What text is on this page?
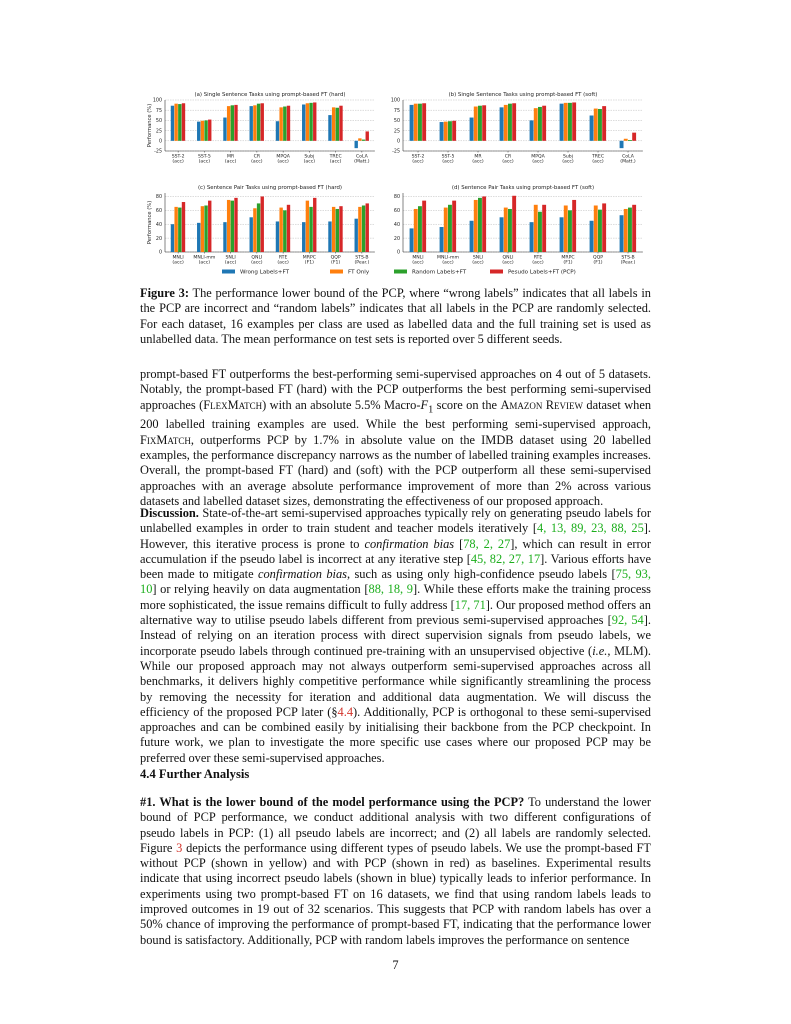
(a) Single Sentence Tasks using prompt-based FT (hard)
-25
0
25
50
75
100
Performance (%)
SST-2
(acc)
SST-5
(acc)
MR
(acc)
CR
(acc)
MPQA
(acc)
Subj
(acc)
TREC
(acc)
CoLA
(Matt.)
(b) Single Sentence Tasks using prompt-based FT (soft)
-25
0
25
50
75
100
SST-2
(acc)
SST-5
(acc)
MR
(acc)
CR
(acc)
MPQA
(acc)
Subj
(acc)
TREC
(acc)
CoLA
(Matt.)
(c) Sentence Pair Tasks using prompt-based FT (hard)
0
20
40
60
80
Performance (%)
MNLI
(acc)
MNLI-mm
(acc)
SNLI
(acc)
QNLI
(acc)
RTE
(acc)
MRPC
(F1)
QQP
(F1)
STS-B
(Pear.)
(d) Sentence Pair Tasks using prompt-based FT (soft)
0
20
40
60
80
MNLI
(acc)
MNLI-mm
(acc)
SNLI
(acc)
QNLI
(acc)
RTE
(acc)
MRPC
(F1)
QQP
(F1)
STS-B
(Pear.)
Wrong Labels+FT	FT Only	Random Labels+FT	Pesudo Labels+FT (PCP)
Figure 3: The performance lower bound of the PCP, where “wrong labels” indicates that all labels in the PCP are incorrect and “random labels” indicates that all labels in the PCP are randomly selected. For each dataset, 16 examples per class are used as labelled data and the full training set is used as unlabelled data. The mean performance on test sets is reported over 5 different seeds.
prompt-based FT outperforms the best-performing semi-supervised approaches on 4 out of 5 datasets. Notably, the prompt-based FT (hard) with the PCP outperforms the best performing semi-supervised approaches (FlexMatch) with an absolute 5.5% Macro-$F_1$ score on the Amazon Review dataset when 200 labelled training examples are used. While the best performing semi-supervised approach, FixMatch, outperforms PCP by 1.7% in absolute value on the IMDB dataset using 20 labelled examples, the performance discrepancy narrows as the number of labelled training examples increases. Overall, the prompt-based FT (hard) and (soft) with the PCP outperform all these semi-supervised approaches with an average absolute performance improvement of more than 2% across various datasets and labelled dataset sizes, demonstrating the effectiveness of our proposed approach.
Discussion. State-of-the-art semi-supervised approaches typically rely on generating pseudo labels for unlabelled examples in order to train student and teacher models iteratively [4, 13, 89, 23, 88, 25]. However, this iterative process is prone to confirmation bias [78, 2, 27], which can result in error accumulation if the pseudo label is incorrect at any iterative step [45, 82, 27, 17]. Various efforts have been made to mitigate confirmation bias, such as using only high-confidence pseudo labels [75, 93, 10] or relying heavily on data augmentation [88, 18, 9]. While these efforts make the training process more sophisticated, the issue remains difficult to fully address [17, 71]. Our proposed method offers an alternative way to utilise pseudo labels different from previous semi-supervised approaches [92, 54]. Instead of relying on an iteration process with direct supervision signals from pseudo labels, we incorporate pseudo labels through continued pre-training with an unsupervised objective (i.e., MLM). While our proposed approach may not always outperform semi-supervised approaches across all benchmarks, it delivers highly competitive performance while significantly streamlining the process by removing the necessity for iteration and additional data augmentation. We will discuss the efficiency of the proposed PCP later (§4.4). Additionally, PCP is orthogonal to these semi-supervised approaches and can be combined easily by initialising their backbone from the PCP checkpoint. In future work, we plan to investigate the more specific use cases where our proposed PCP may be preferred over these semi-supervised approaches.
4.4 Further Analysis
#1. What is the lower bound of the model performance using the PCP? To understand the lower bound of PCP performance, we conduct additional analysis with two different configurations of pseudo labels in PCP: (1) all pseudo labels are incorrect; and (2) all labels are randomly selected. Figure 3 depicts the performance using different types of pseudo labels. We use the prompt-based FT without PCP (shown in yellow) and with PCP (shown in red) as baselines. Experimental results indicate that using incorrect pseudo labels (shown in blue) typically leads to inferior performance. In experiments using two prompt-based FT on 16 datasets, we find that using random labels leads to improved outcomes in 19 out of 32 scenarios. This suggests that PCP with random labels has over a 50% chance of improving the performance of prompt-based FT, indicating that the performance lower bound is satisfactory. Additionally, PCP with random labels improves the performance on sentence
7
